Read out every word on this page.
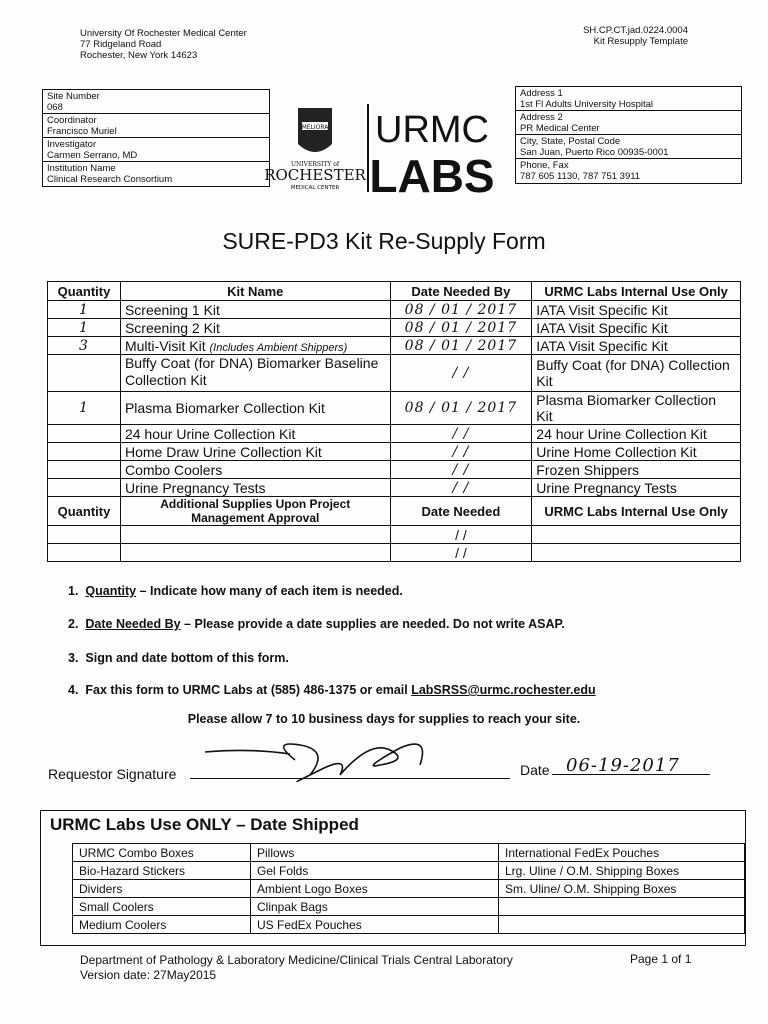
University Of Rochester Medical Center
77 Ridgeland Road
Rochester, New York 14623
SH.CP.CT.jad.0224.0004
Kit Resupply Template
Site Number
068
Coordinator
Francisco Muriel
Investigator
Carmen Serrano, MD
Institution Name
Clinical Research Consortium
Address 1
1st Fl Adults University Hospital
Address 2
PR Medical Center
City, State, Postal Code
San Juan, Puerto Rico 00935-0001
Phone, Fax
787 605 1130, 787 751 3911
MELIORA
UNIVERSITY of
ROCHESTER
MEDICAL CENTER
URMC
LABS
SURE-PD3 Kit Re-Supply Form
Quantity	Kit Name	Date Needed By	URMC Labs Internal Use Only
1	Screening 1 Kit	08 / 01 / 2017	IATA Visit Specific Kit
1	Screening 2 Kit	08 / 01 / 2017	IATA Visit Specific Kit
3	Multi-Visit Kit (Includes Ambient Shippers)	08 / 01 / 2017	IATA Visit Specific Kit
	Buffy Coat (for DNA) Biomarker Baseline Collection Kit	/ /	Buffy Coat (for DNA) Collection Kit
1	Plasma Biomarker Collection Kit	08 / 01 / 2017	Plasma Biomarker Collection Kit
	24 hour Urine Collection Kit	/ /	24 hour Urine Collection Kit
	Home Draw Urine Collection Kit	/ /	Urine Home Collection Kit
	Combo Coolers	/ /	Frozen Shippers
	Urine Pregnancy Tests	/ /	Urine Pregnancy Tests
Quantity	Additional Supplies Upon Project Management Approval	Date Needed	URMC Labs Internal Use Only
		/ /	
		/ /	
1. Quantity – Indicate how many of each item is needed.
2. Date Needed By – Please provide a date supplies are needed. Do not write ASAP.
3. Sign and date bottom of this form.
4. Fax this form to URMC Labs at (585) 486-1375 or email LabSRSS@urmc.rochester.edu
Please allow 7 to 10 business days for supplies to reach your site.
Requestor Signature	Date 06-19-2017
URMC Labs Use ONLY – Date Shipped
URMC Combo Boxes	Pillows	International FedEx Pouches
Bio-Hazard Stickers	Gel Folds	Lrg. Uline / O.M. Shipping Boxes
Dividers	Ambient Logo Boxes	Sm. Uline/ O.M. Shipping Boxes
Small Coolers	Clinpak Bags	
Medium Coolers	US FedEx Pouches	
Department of Pathology & Laboratory Medicine/Clinical Trials Central Laboratory
Version date: 27May2015
Page 1 of 1
